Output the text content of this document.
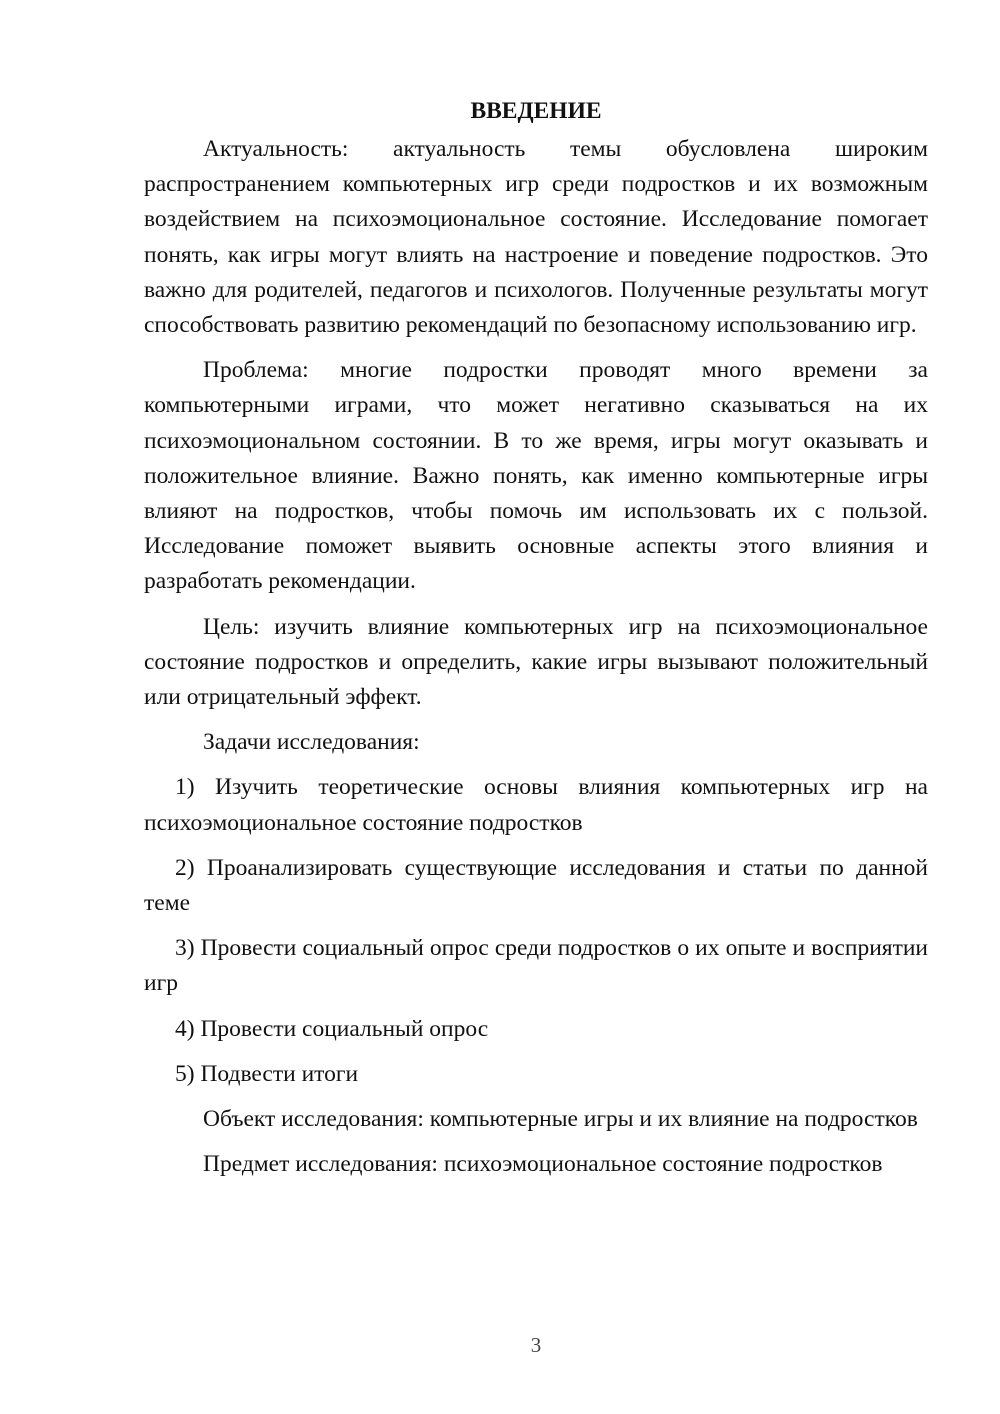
ВВЕДЕНИЕ

Актуальность: актуальность темы обусловлена широким распространением компьютерных игр среди подростков и их возможным воздействием на психоэмоциональное состояние. Исследование помогает понять, как игры могут влиять на настроение и поведение подростков. Это важно для родителей, педагогов и психологов. Полученные результаты могут способствовать развитию рекомендаций по безопасному использованию игр.

Проблема: многие подростки проводят много времени за компьютерными играми, что может негативно сказываться на их психоэмоциональном состоянии. В то же время, игры могут оказывать и положительное влияние. Важно понять, как именно компьютерные игры влияют на подростков, чтобы помочь им использовать их с пользой. Исследование поможет выявить основные аспекты этого влияния и разработать рекомендации.

Цель: изучить влияние компьютерных игр на психоэмоциональное состояние подростков и определить, какие игры вызывают положительный или отрицательный эффект.

Задачи исследования:

1) Изучить теоретические основы влияния компьютерных игр на психоэмоциональное состояние подростков

2) Проанализировать существующие исследования и статьи по данной теме

3) Провести социальный опрос среди подростков о их опыте и восприятии игр

4) Провести социальный опрос

5) Подвести итоги

Объект исследования: компьютерные игры и их влияние на подростков

Предмет исследования: психоэмоциональное состояние подростков

3
